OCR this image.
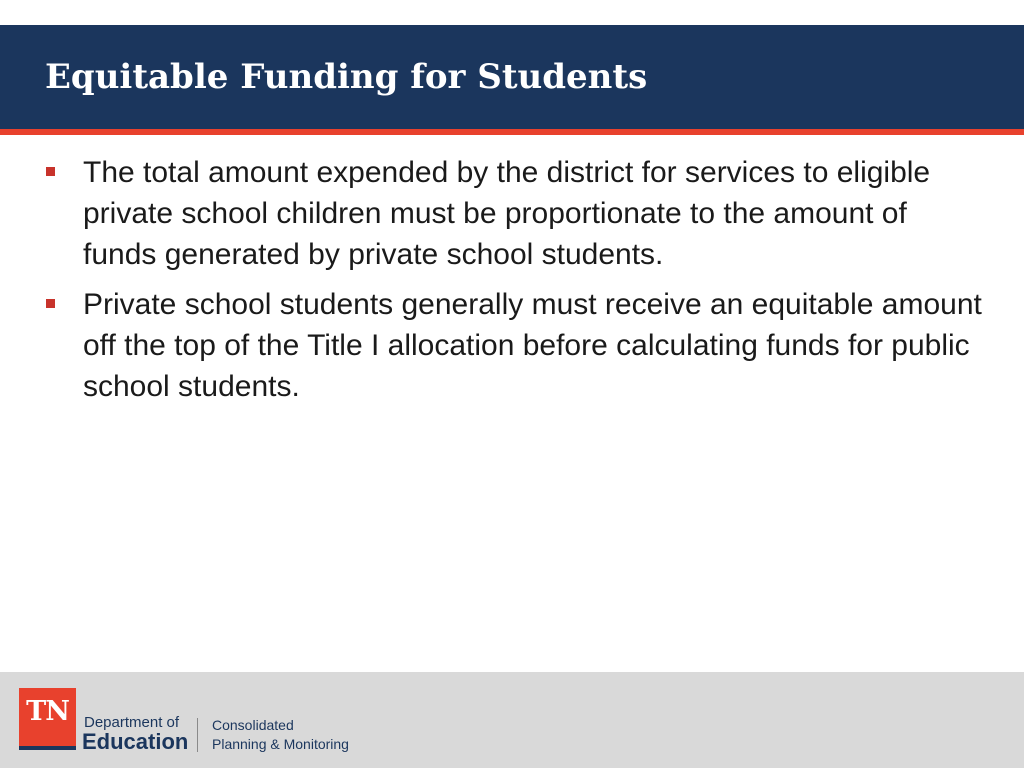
Equitable Funding for Students
The total amount expended by the district for services to eligible private school children must be proportionate to the amount of funds generated by private school students.
Private school students generally must receive an equitable amount off the top of the Title I allocation before calculating funds for public school students.
TN	Department of
Education
Consolidated
Planning & Monitoring
